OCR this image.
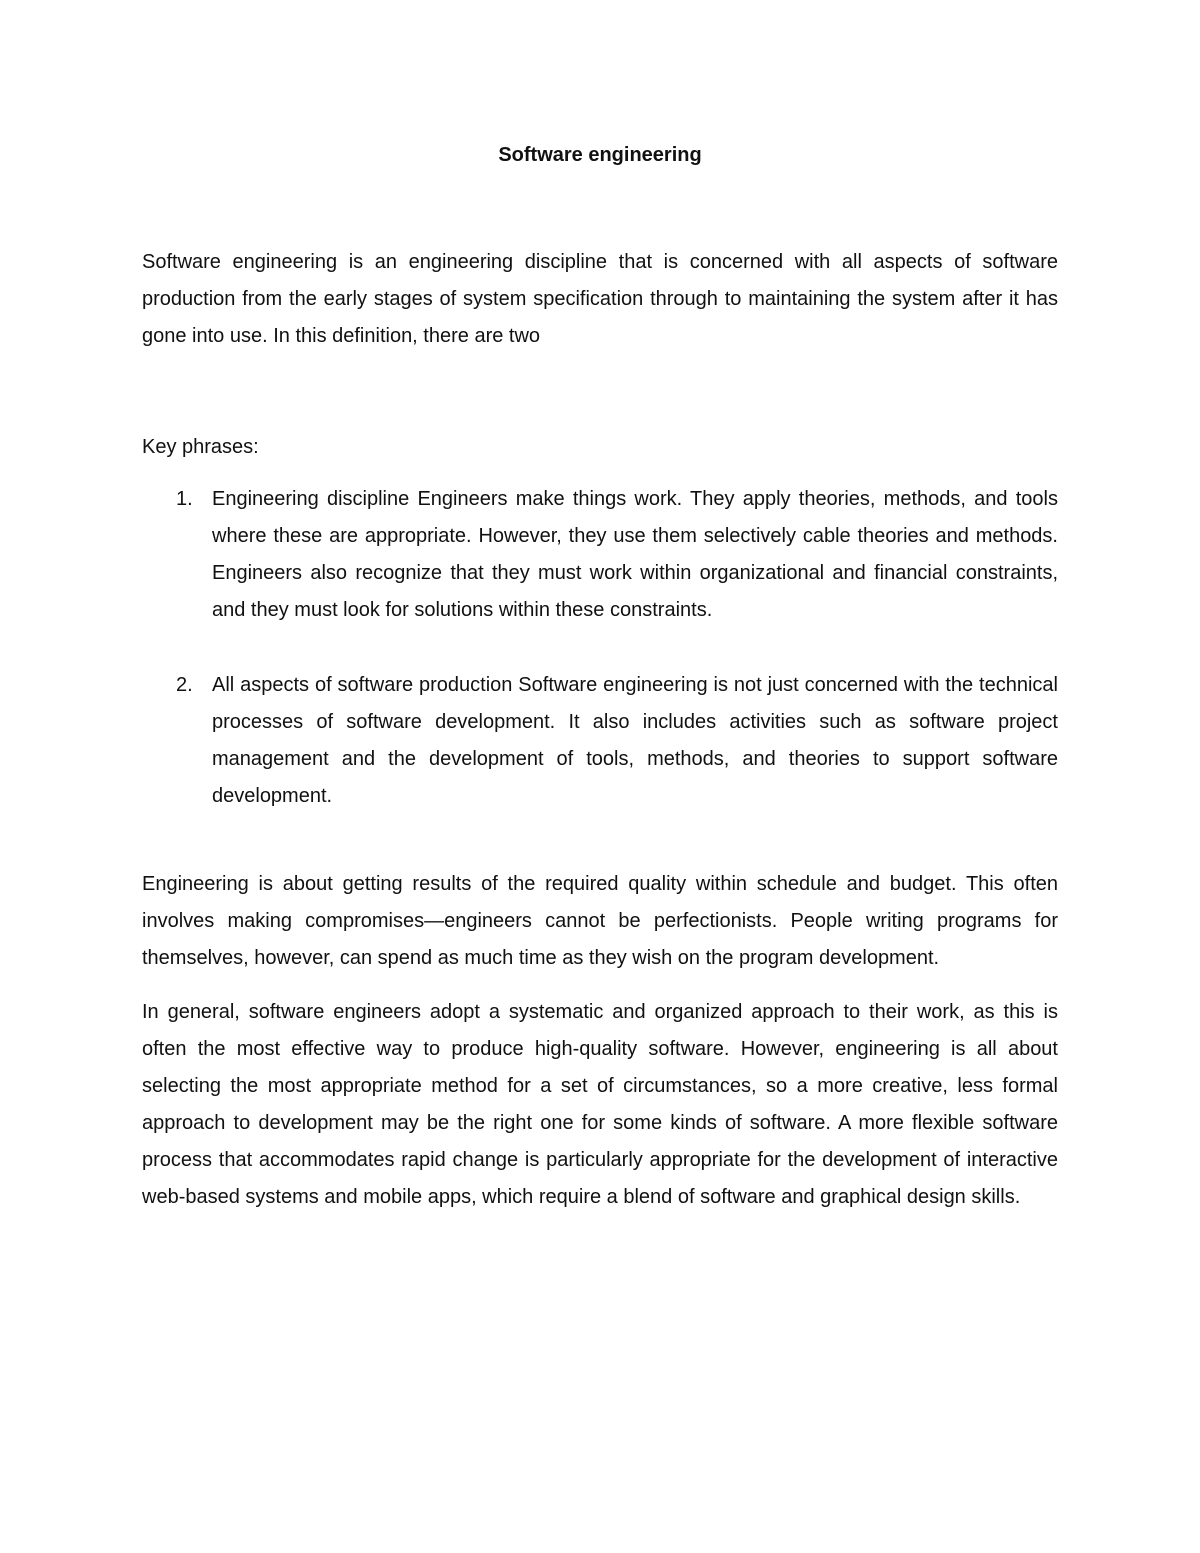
Software engineering

Software engineering is an engineering discipline that is concerned with all aspects of software production from the early stages of system specification through to maintaining the system after it has gone into use. In this definition, there are two

Key phrases:

1. Engineering discipline Engineers make things work. They apply theories, methods, and tools where these are appropriate. However, they use them selectively cable theories and methods. Engineers also recognize that they must work within organizational and financial constraints, and they must look for solutions within these constraints.
2. All aspects of software production Software engineering is not just concerned with the technical processes of software development. It also includes activities such as software project management and the development of tools, methods, and theories to support software development.

Engineering is about getting results of the required quality within schedule and budget. This often involves making compromises—engineers cannot be perfectionists. People writing programs for themselves, however, can spend as much time as they wish on the program development.

In general, software engineers adopt a systematic and organized approach to their work, as this is often the most effective way to produce high-quality software. However, engineering is all about selecting the most appropriate method for a set of circumstances, so a more creative, less formal approach to development may be the right one for some kinds of software. A more flexible software process that accommodates rapid change is particularly appropriate for the development of interactive web-based systems and mobile apps, which require a blend of software and graphical design skills.
